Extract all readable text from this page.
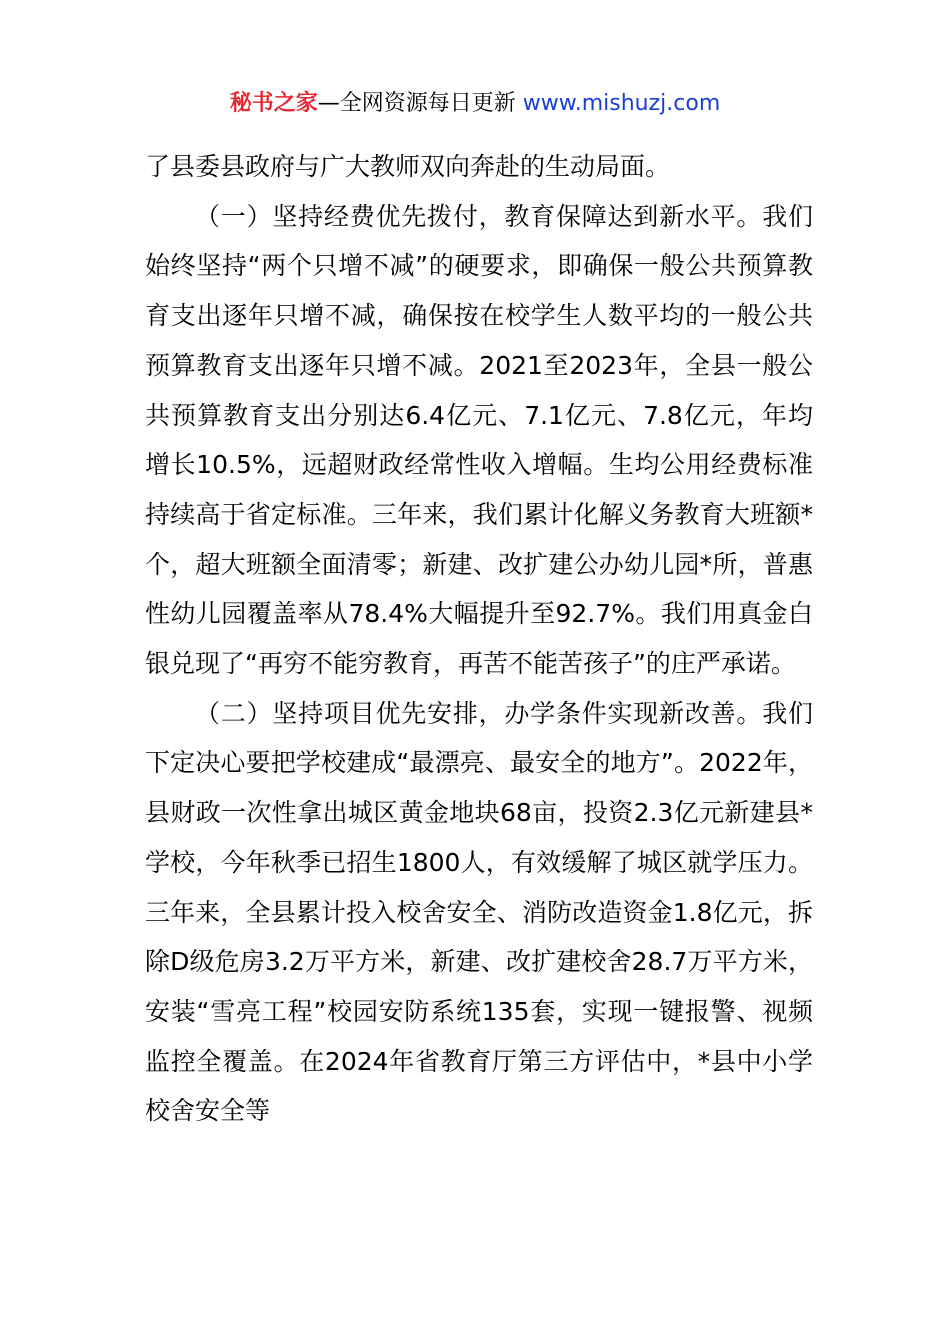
秘书之家—全网资源每日更新 www.mishuzj.com

了县委县政府与广大教师双向奔赴的生动局面。

（一）坚持经费优先拨付，教育保障达到新水平。我们始终坚持“两个只增不减”的硬要求，即确保一般公共预算教育支出逐年只增不减，确保按在校学生人数平均的一般公共预算教育支出逐年只增不减。2021至2023年，全县一般公共预算教育支出分别达6.4亿元、7.1亿元、7.8亿元，年均增长10.5%，远超财政经常性收入增幅。生均公用经费标准持续高于省定标准。三年来，我们累计化解义务教育大班额*个，超大班额全面清零；新建、改扩建公办幼儿园*所，普惠性幼儿园覆盖率从78.4%大幅提升至92.7%。我们用真金白银兑现了“再穷不能穷教育，再苦不能苦孩子”的庄严承诺。

（二）坚持项目优先安排，办学条件实现新改善。我们下定决心要把学校建成“最漂亮、最安全的地方”。2022年，县财政一次性拿出城区黄金地块68亩，投资2.3亿元新建县*学校，今年秋季已招生1800人，有效缓解了城区就学压力。三年来，全县累计投入校舍安全、消防改造资金1.8亿元，拆除D级危房3.2万平方米，新建、改扩建校舍28.7万平方米，安装“雪亮工程”校园安防系统135套，实现一键报警、视频监控全覆盖。在2024年省教育厅第三方评估中，*县中小学校舍安全等
